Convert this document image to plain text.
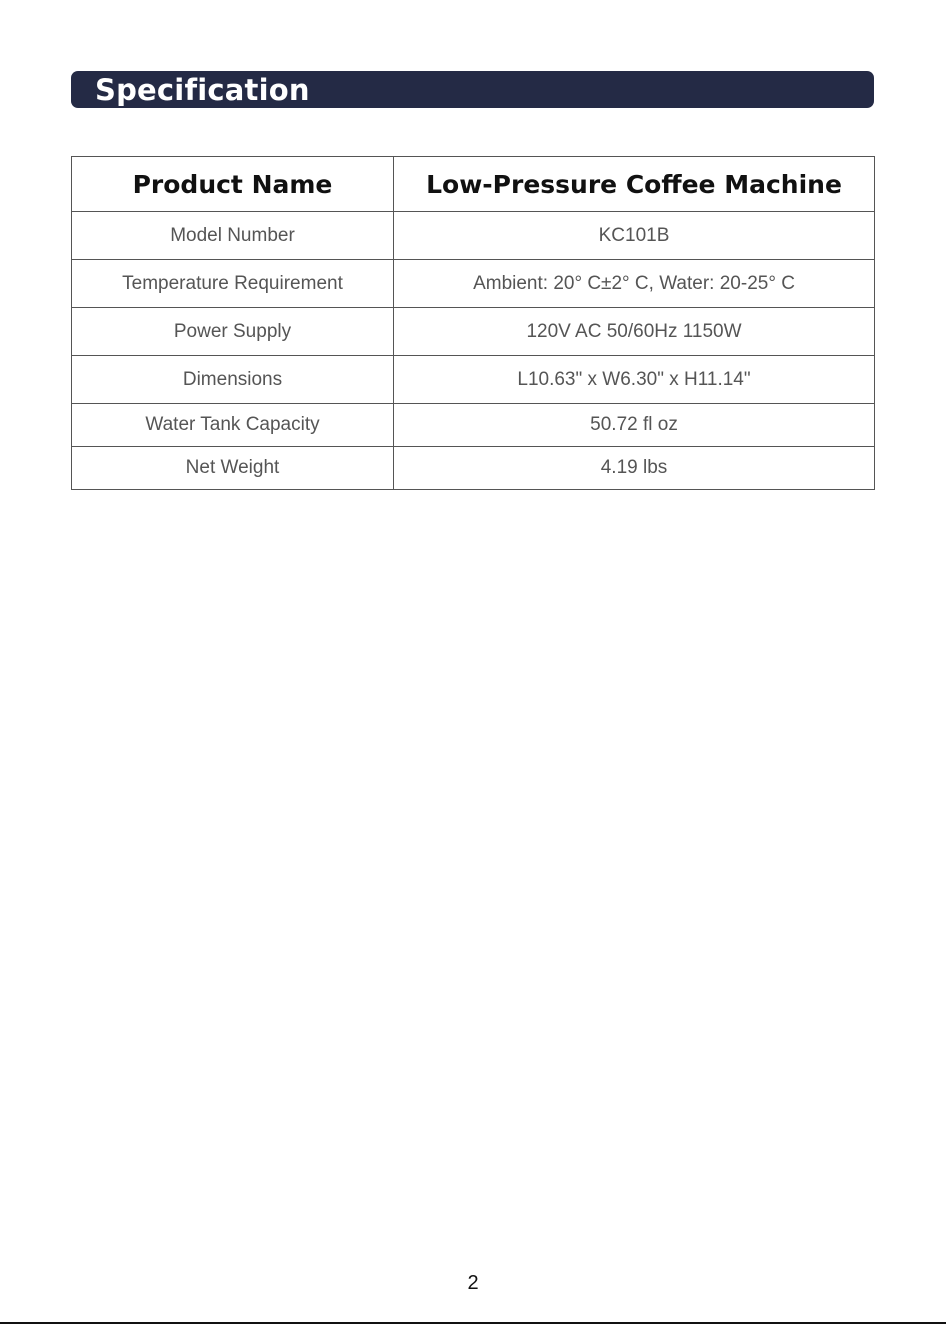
Specification
Product Name	Low-Pressure Coffee Machine
Model Number	KC101B
Temperature Requirement	Ambient: 20° C±2° C, Water: 20-25° C
Power Supply	120V AC 50/60Hz 1150W
Dimensions	L10.63" x W6.30" x H11.14"
Water Tank Capacity	50.72 fl oz
Net Weight	4.19 lbs
2
